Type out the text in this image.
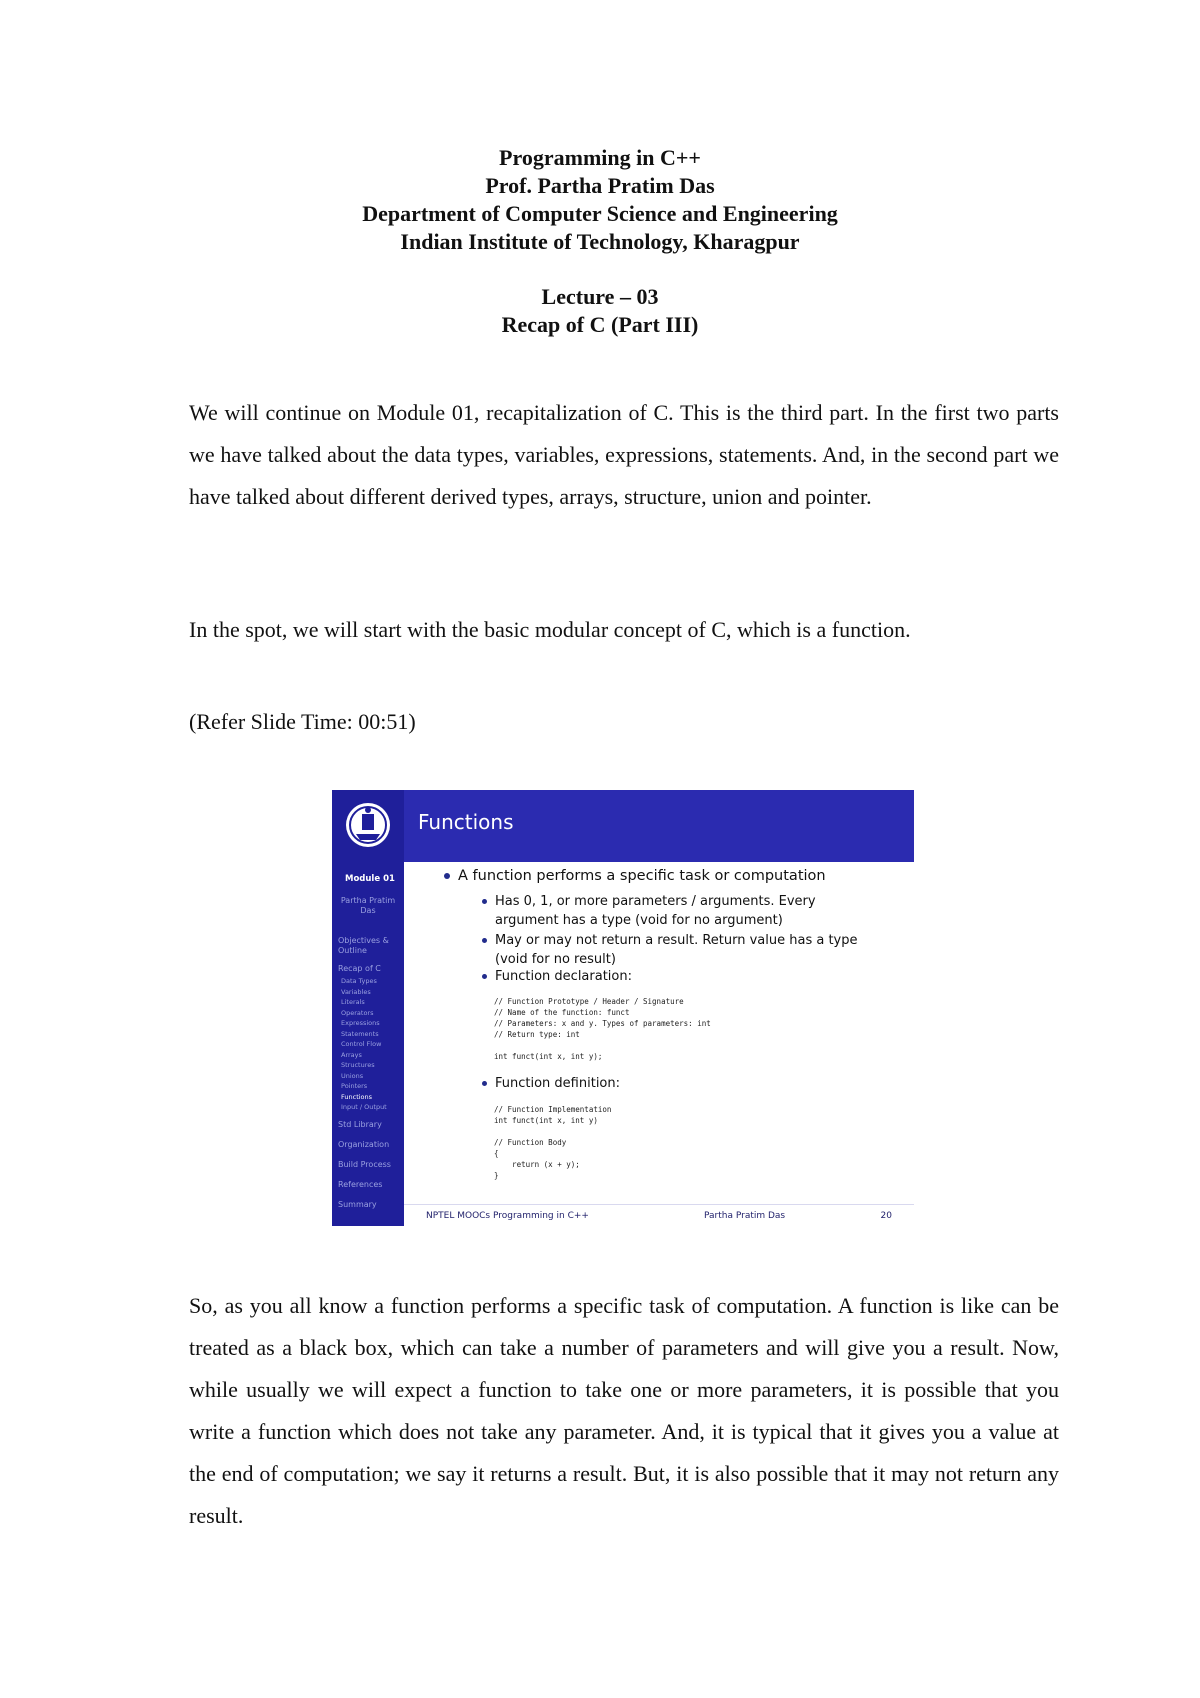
Programming in C++
Prof. Partha Pratim Das
Department of Computer Science and Engineering
Indian Institute of Technology, Kharagpur
Lecture – 03
Recap of C (Part III)
We will continue on Module 01, recapitalization of C. This is the third part. In the first two parts we have talked about the data types, variables, expressions, statements. And, in the second part we have talked about different derived types, arrays, structure, union and pointer.
In the spot, we will start with the basic modular concept of C, which is a function.
(Refer Slide Time: 00:51)
Functions
Module 01
Partha Pratim Das
Objectives & Outline
Recap of C
Data Types
Variables
Literals
Operators
Expressions
Statements
Control Flow
Arrays
Structures
Unions
Pointers
Functions
Input / Output
Std Library
Organization
Build Process
References
Summary
A function performs a specific task or computation
Has 0, 1, or more parameters / arguments. Every
argument has a type (void for no argument)
May or may not return a result. Return value has a type
(void for no result)
Function declaration:
// Function Prototype / Header / Signature
// Name of the function: funct
// Parameters: x and y. Types of parameters: int
// Return type: int

int funct(int x, int y);
Function definition:
// Function Implementation
int funct(int x, int y)

// Function Body
{
return (x + y);
}
NPTEL MOOCs Programming in C++	Partha Pratim Das	20
So, as you all know a function performs a specific task of computation. A function is like can be treated as a black box, which can take a number of parameters and will give you a result. Now, while usually we will expect a function to take one or more parameters, it is possible that you write a function which does not take any parameter. And, it is typical that it gives you a value at the end of computation; we say it returns a result. But, it is also possible that it may not return any result.
